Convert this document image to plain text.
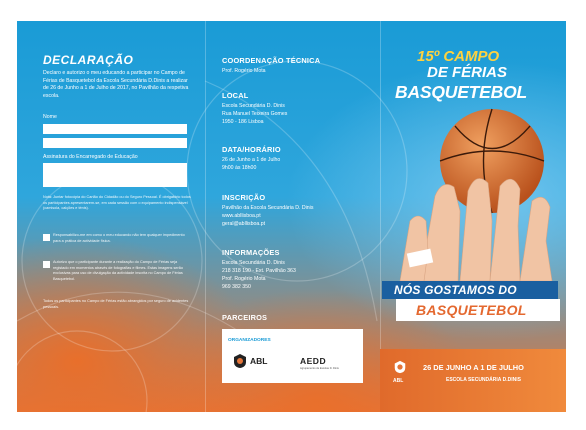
DECLARAÇÃO
Declaro e autorizo o meu educando a participar no Campo de Férias de Basquetebol da Escola Secundária D.Dinis a realizar de 26 de Junho a 1 de Julho de 2017, no Pavilhão da respetiva escola.
Nome
Assinatura do Encarregado de Educação
Nota: Juntar fotocópia do Cartão do Cidadão ou do Seguro Pessoal. É obrigatório todos os participantes apresentarem-se, em cada sessão com o equipamento indispensável (camisola, calções e ténis).
Responsabilizo-me em como o meu educando não tem qualquer impedimento para a prática de actividade física.
Autorizo que o participante durante a realização do Campo de Férias seja registado em momentos através de fotografias e filmes. Estas imagens serão exclusivas para uso de divulgação da actividade inscrita no Campo de Férias Basquetebol.
Todos os participantes no Campo de Férias estão abrangidos por seguro de acidentes pessoais.
COORDENAÇÃO TÉCNICA
Prof. Rogério Mota
LOCAL
Escola Secundária D. Dinis
Rua Manuel Teixeira Gomes
1950 - 186 Lisboa
DATA/HORÁRIO
26 de Junho a 1 de Julho
9h00 às 18h00
INSCRIÇÃO
Pavilhão da Escola Secundária D. Dinis
www.abllisboa.pt
geral@abllisboa.pt
INFORMAÇÕES
Escola Secundária D. Dinis
218 318 190 - Ext. Pavilhão 363
Prof. Rogério Mota
969 382 350
PARCEIROS
ORGANIZADORES
ABL	AEDD
Agrupamento de Escolas D. Dinis
15º CAMPO
DE FÉRIAS
BASQUETEBOL
NÓS GOSTAMOS DO
BASQUETEBOL
ABL
26 DE JUNHO A 1 DE JULHO
ESCOLA SECUNDÁRIA D.DINIS
